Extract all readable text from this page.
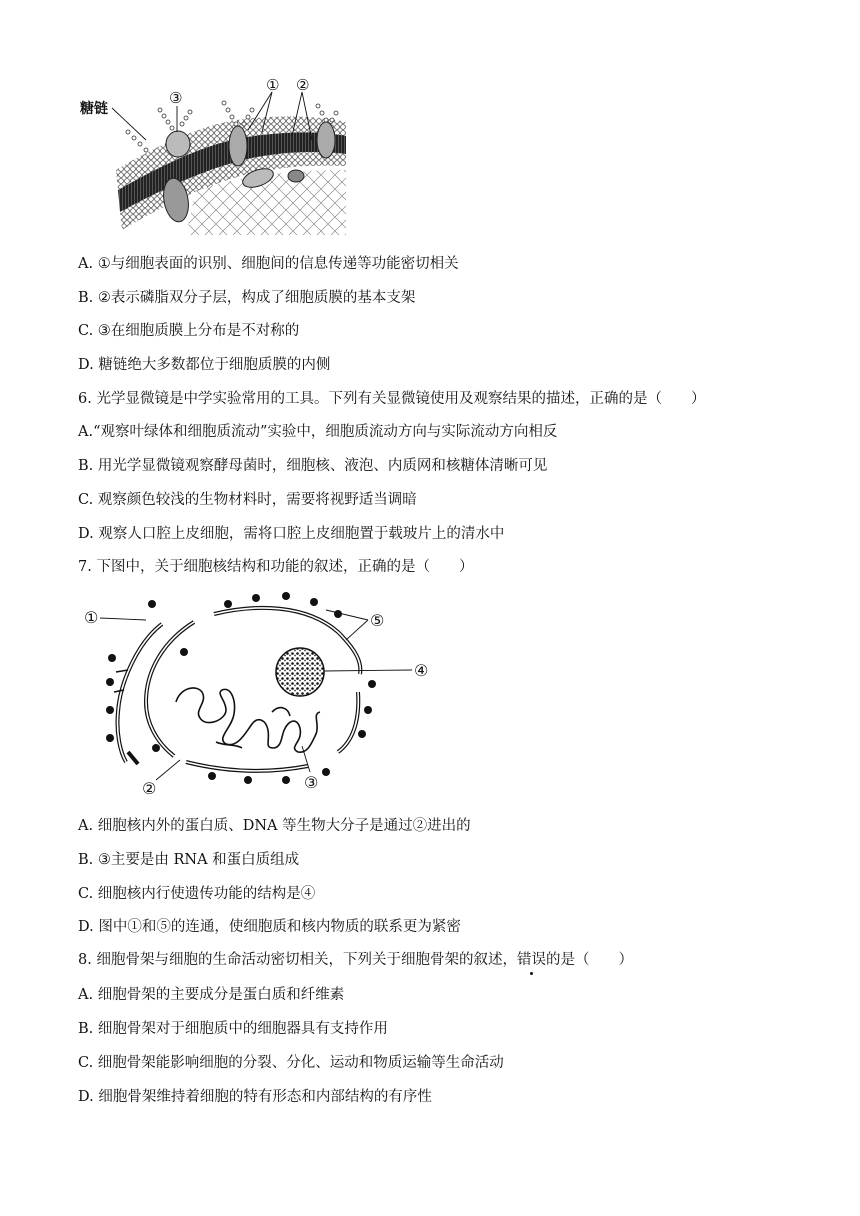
糖链
③
① ②
A. ①与细胞表面的识别、细胞间的信息传递等功能密切相关
B. ②表示磷脂双分子层，构成了细胞质膜的基本支架
C. ③在细胞质膜上分布是不对称的
D. 糖链绝大多数都位于细胞质膜的内侧
6. 光学显微镜是中学实验常用的工具。下列有关显微镜使用及观察结果的描述，正确的是（　　）
A.“观察叶绿体和细胞质流动”实验中，细胞质流动方向与实际流动方向相反
B. 用光学显微镜观察酵母菌时，细胞核、液泡、内质网和核糖体清晰可见
C. 观察颜色较浅的生物材料时，需要将视野适当调暗
D. 观察人口腔上皮细胞，需将口腔上皮细胞置于载玻片上的清水中
7. 下图中，关于细胞核结构和功能的叙述，正确的是（　　）
①	⑤
④
②	③
A. 细胞核内外的蛋白质、DNA 等生物大分子是通过②进出的
B. ③主要是由 RNA 和蛋白质组成
C. 细胞核内行使遗传功能的结构是④
D. 图中①和⑤的连通，使细胞质和核内物质的联系更为紧密
8. 细胞骨架与细胞的生命活动密切相关，下列关于细胞骨架的叙述，错误的是（　　）
A. 细胞骨架的主要成分是蛋白质和纤维素
B. 细胞骨架对于细胞质中的细胞器具有支持作用
C. 细胞骨架能影响细胞的分裂、分化、运动和物质运输等生命活动
D. 细胞骨架维持着细胞的特有形态和内部结构的有序性
